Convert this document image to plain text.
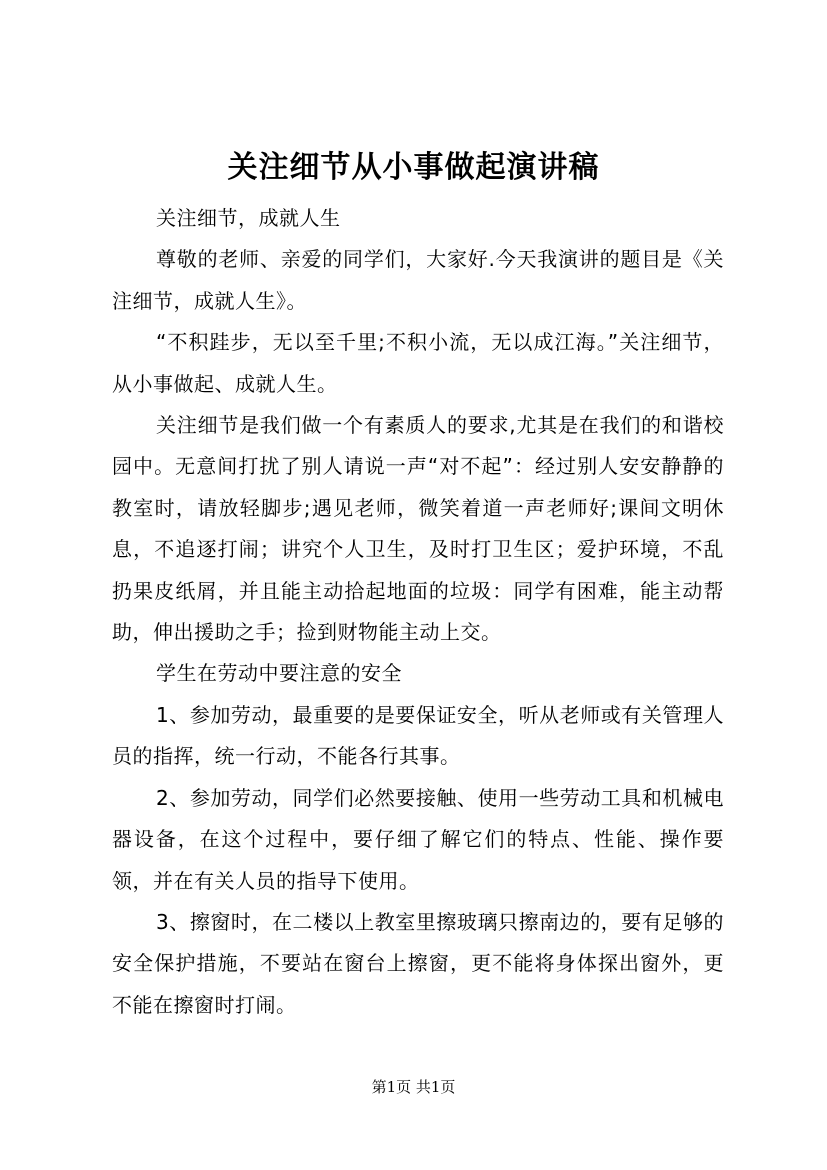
关注细节从小事做起演讲稿

关注细节，成就人生

尊敬的老师、亲爱的同学们，大家好.今天我演讲的题目是《关注细节，成就人生》。

“不积跬步，无以至千里;不积小流，无以成江海。”关注细节，从小事做起、成就人生。

关注细节是我们做一个有素质人的要求,尤其是在我们的和谐校园中。无意间打扰了别人请说一声“对不起”：经过别人安安静静的教室时，请放轻脚步;遇见老师，微笑着道一声老师好;课间文明休息，不追逐打闹；讲究个人卫生，及时打卫生区；爱护环境，不乱扔果皮纸屑，并且能主动拾起地面的垃圾：同学有困难，能主动帮助，伸出援助之手；捡到财物能主动上交。

学生在劳动中要注意的安全

1、参加劳动，最重要的是要保证安全，听从老师或有关管理人员的指挥，统一行动，不能各行其事。

2、参加劳动，同学们必然要接触、使用一些劳动工具和机械电器设备，在这个过程中，要仔细了解它们的特点、性能、操作要领，并在有关人员的指导下使用。

3、擦窗时，在二楼以上教室里擦玻璃只擦南边的，要有足够的安全保护措施，不要站在窗台上擦窗，更不能将身体探出窗外，更不能在擦窗时打闹。

第1页 共1页
